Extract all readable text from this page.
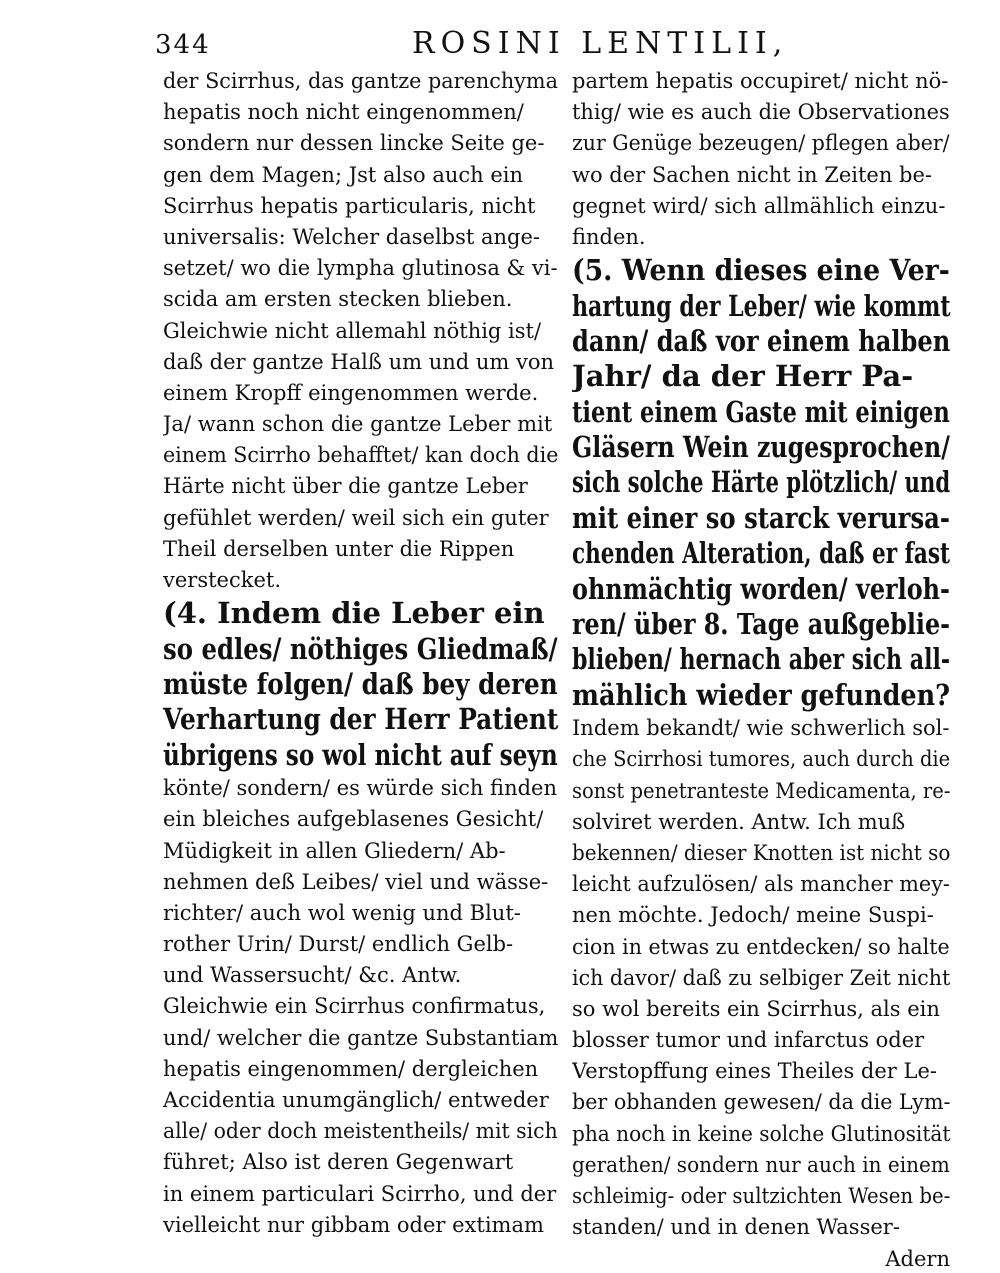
344	ROSINI LENTILII,
der Scirrhus, das gantze parenchyma
hepatis noch nicht eingenommen/
sondern nur dessen lincke Seite ge-
gen dem Magen; Jst also auch ein
Scirrhus hepatis particularis, nicht
universalis: Welcher daselbst ange-
setzet/ wo die lympha glutinosa & vi-
scida am ersten stecken blieben.
Gleichwie nicht allemahl nöthig ist/
daß der gantze Halß um und um von
einem Kropff eingenommen werde.
Ja/ wann schon die gantze Leber mit
einem Scirrho behafftet/ kan doch die
Härte nicht über die gantze Leber
gefühlet werden/ weil sich ein guter
Theil derselben unter die Rippen
verstecket.
(4. Indem die Leber ein
so edles/ nöthiges Gliedmaß/
müste folgen/ daß bey deren
Verhartung der Herr Patient
übrigens so wol nicht auf seyn
könte/ sondern/ es würde sich finden
ein bleiches aufgeblasenes Gesicht/
Müdigkeit in allen Gliedern/ Ab-
nehmen deß Leibes/ viel und wässe-
richter/ auch wol wenig und Blut-
rother Urin/ Durst/ endlich Gelb-
und Wassersucht/ &c. Antw.
Gleichwie ein Scirrhus confirmatus,
und/ welcher die gantze Substantiam
hepatis eingenommen/ dergleichen
Accidentia unumgänglich/ entweder
alle/ oder doch meistentheils/ mit sich
führet; Also ist deren Gegenwart
in einem particulari Scirrho, und der
vielleicht nur gibbam oder extimam
partem hepatis occupiret/ nicht nö-
thig/ wie es auch die Observationes
zur Genüge bezeugen/ pflegen aber/
wo der Sachen nicht in Zeiten be-
gegnet wird/ sich allmählich einzu-
finden.
(5. Wenn dieses eine Ver-
hartung der Leber/ wie kommt
dann/ daß vor einem halben
Jahr/ da der Herr Pa-
tient einem Gaste mit einigen
Gläsern Wein zugesprochen/
sich solche Härte plötzlich/ und
mit einer so starck verursa-
chenden Alteration, daß er fast
ohnmächtig worden/ verloh-
ren/ über 8. Tage außgeblie-
blieben/ hernach aber sich all-
mählich wieder gefunden?
Indem bekandt/ wie schwerlich sol-
che Scirrhosi tumores, auch durch die
sonst penetranteste Medicamenta, re-
solviret werden. Antw. Ich muß
bekennen/ dieser Knotten ist nicht so
leicht aufzulösen/ als mancher mey-
nen möchte. Jedoch/ meine Suspi-
cion in etwas zu entdecken/ so halte
ich davor/ daß zu selbiger Zeit nicht
so wol bereits ein Scirrhus, als ein
blosser tumor und infarctus oder
Verstopffung eines Theiles der Le-
ber obhanden gewesen/ da die Lym-
pha noch in keine solche Glutinosität
gerathen/ sondern nur auch in einem
schleimig- oder sultzichten Wesen be-
standen/ und in denen Wasser-
Adern
